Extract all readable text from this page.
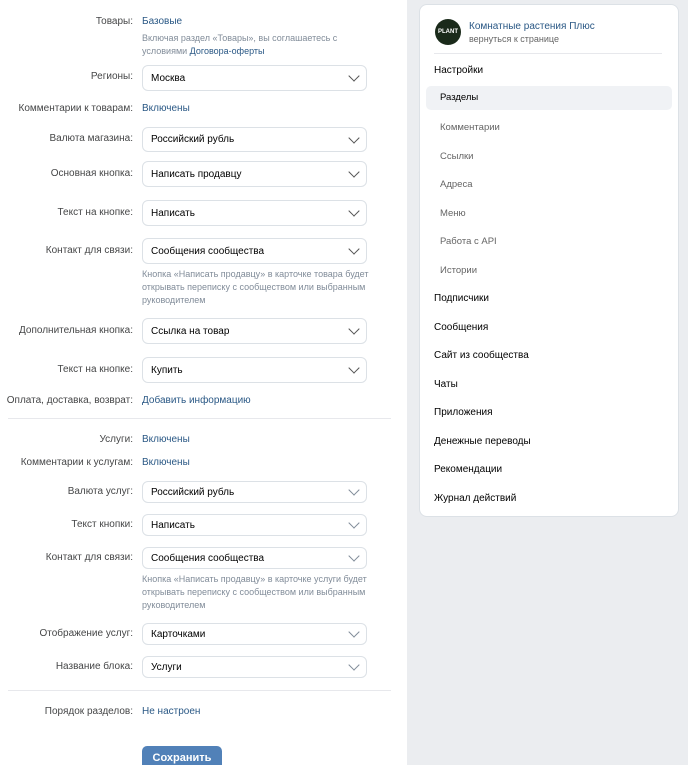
Товары: Базовые
Включая раздел «Товары», вы соглашаетесь с условиями Договора-оферты
Регионы: Москва
Комментарии к товарам: Включены
Валюта магазина: Российский рубль
Основная кнопка: Написать продавцу
Текст на кнопке: Написать
Контакт для связи: Сообщения сообщества
Кнопка «Написать продавцу» в карточке товара будет открывать переписку с сообществом или выбранным руководителем
Дополнительная кнопка: Ссылка на товар
Текст на кнопке: Купить
Оплата, доставка, возврат: Добавить информацию
Услуги: Включены
Комментарии к услугам: Включены
Валюта услуг: Российский рубль
Текст кнопки: Написать
Контакт для связи: Сообщения сообщества
Кнопка «Написать продавцу» в карточке услуги будет открывать переписку с сообществом или выбранным руководителем
Отображение услуг: Карточками
Название блока: Услуги
Порядок разделов: Не настроен
Сохранить
PLANT
Комнатные растения Плюс
вернуться к странице
Настройки
Разделы
Комментарии
Ссылки
Адреса
Меню
Работа с API
Истории
Подписчики
Сообщения
Сайт из сообщества
Чаты
Приложения
Денежные переводы
Рекомендации
Журнал действий
